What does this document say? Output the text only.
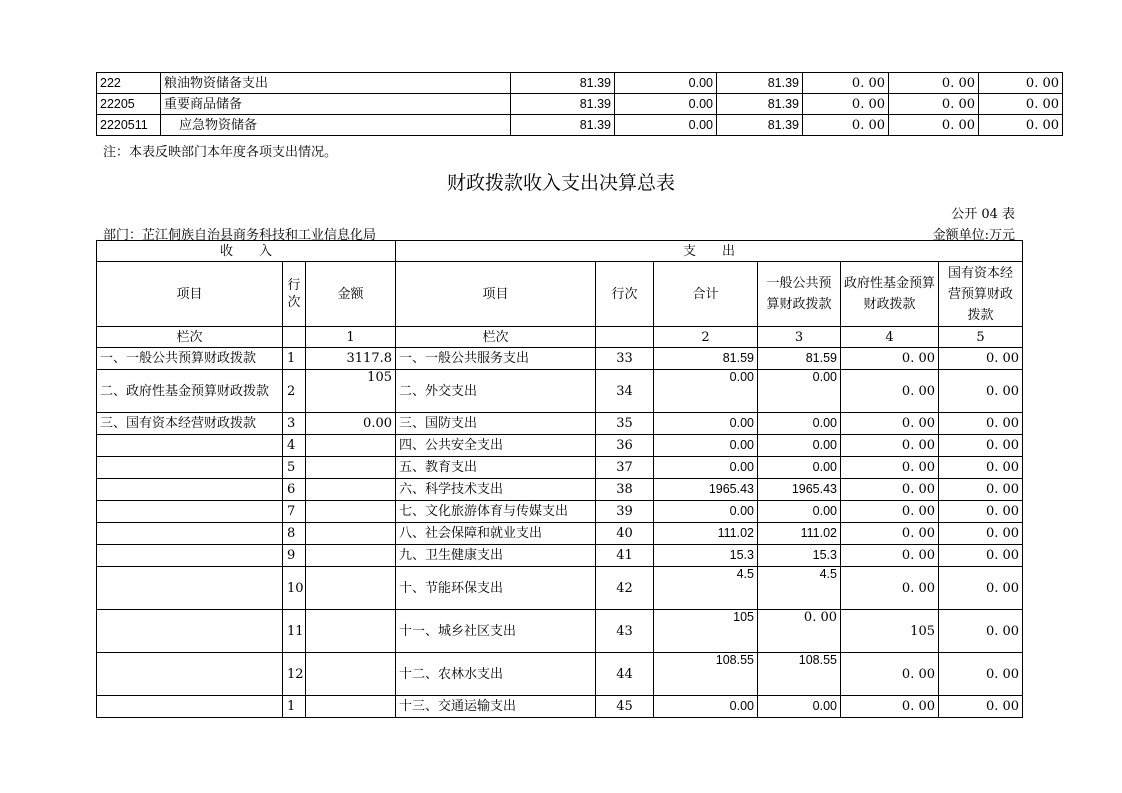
222	粮油物资储备支出	81.39	0.00	81.39	0. 00	0. 00	0. 00
22205	重要商品储备	81.39	0.00	81.39	0. 00	0. 00	0. 00
2220511	应急物资储备	81.39	0.00	81.39	0. 00	0. 00	0. 00
注：本表反映部门本年度各项支出情况。
财政拨款收入支出决算总表
公开 04 表
部门：芷江侗族自治县商务科技和工业信息化局	金额单位:万元
收　　入			支　　出					
项目	行次	金额	项目	行次	合计	一般公共预算财政拨款	政府性基金预算财政拨款	国有资本经营预算财政拨款
栏次		1	栏次		2	3	4	5
一、一般公共预算财政拨款	1	3117.8	一、一般公共服务支出	33	81.59	81.59	0. 00	0. 00
二、政府性基金预算财政拨款	2	105	二、外交支出	34	0.00	0.00	0. 00	0. 00
三、国有资本经营财政拨款	3	0.00	三、国防支出	35	0.00	0.00	0. 00	0. 00
	4		四、公共安全支出	36	0.00	0.00	0. 00	0. 00
	5		五、教育支出	37	0.00	0.00	0. 00	0. 00
	6		六、科学技术支出	38	1965.43	1965.43	0. 00	0. 00
	7		七、文化旅游体育与传媒支出	39	0.00	0.00	0. 00	0. 00
	8		八、社会保障和就业支出	40	111.02	111.02	0. 00	0. 00
	9		九、卫生健康支出	41	15.3	15.3	0. 00	0. 00
	10		十、节能环保支出	42	4.5	4.5	0. 00	0. 00
	11		十一、城乡社区支出	43	105	0. 00	105	0. 00
	12		十二、农林水支出	44	108.55	108.55	0. 00	0. 00
	1		十三、交通运输支出	45	0.00	0.00	0. 00	0. 00
